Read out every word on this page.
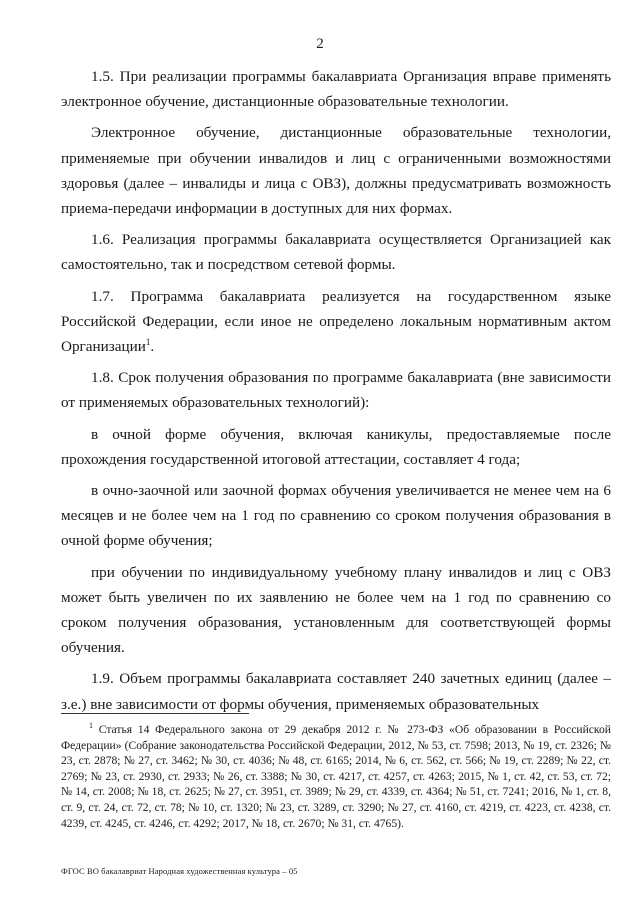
2

1.5. При реализации программы бакалавриата Организация вправе применять электронное обучение, дистанционные образовательные технологии.

Электронное обучение, дистанционные образовательные технологии, применяемые при обучении инвалидов и лиц с ограниченными возможностями здоровья (далее – инвалиды и лица с ОВЗ), должны предусматривать возможность приема-передачи информации в доступных для них формах.

1.6. Реализация программы бакалавриата осуществляется Организацией как самостоятельно, так и посредством сетевой формы.

1.7. Программа бакалавриата реализуется на государственном языке Российской Федерации, если иное не определено локальным нормативным актом Организации$^1$.

1.8. Срок получения образования по программе бакалавриата (вне зависимости от применяемых образовательных технологий):

в очной форме обучения, включая каникулы, предоставляемые после прохождения государственной итоговой аттестации, составляет 4 года;

в очно-заочной или заочной формах обучения увеличивается не менее чем на 6 месяцев и не более чем на 1 год по сравнению со сроком получения образования в очной форме обучения;

при обучении по индивидуальному учебному плану инвалидов и лиц с ОВЗ может быть увеличен по их заявлению не более чем на 1 год по сравнению со сроком получения образования, установленным для соответствующей формы обучения.

1.9. Объем программы бакалавриата составляет 240 зачетных единиц (далее – з.е.) вне зависимости от формы обучения, применяемых образовательных

$^1$ Статья 14 Федерального закона от 29 декабря 2012 г. № 273-ФЗ «Об образовании в Российской Федерации» (Собрание законодательства Российской Федерации, 2012, № 53, ст. 7598; 2013, № 19, ст. 2326; № 23, ст. 2878; № 27, ст. 3462; № 30, ст. 4036; № 48, ст. 6165; 2014, № 6, ст. 562, ст. 566; № 19, ст. 2289; № 22, ст. 2769; № 23, ст. 2930, ст. 2933; № 26, ст. 3388; № 30, ст. 4217, ст. 4257, ст. 4263; 2015, № 1, ст. 42, ст. 53, ст. 72; № 14, ст. 2008; № 18, ст. 2625; № 27, ст. 3951, ст. 3989; № 29, ст. 4339, ст. 4364; № 51, ст. 7241; 2016, № 1, ст. 8, ст. 9, ст. 24, ст. 72, ст. 78; № 10, ст. 1320; № 23, ст. 3289, ст. 3290; № 27, ст. 4160, ст. 4219, ст. 4223, ст. 4238, ст. 4239, ст. 4245, ст. 4246, ст. 4292; 2017, № 18, ст. 2670; № 31, ст. 4765).
ФГОС ВО бакалавриат Народная художественная культура – 05
